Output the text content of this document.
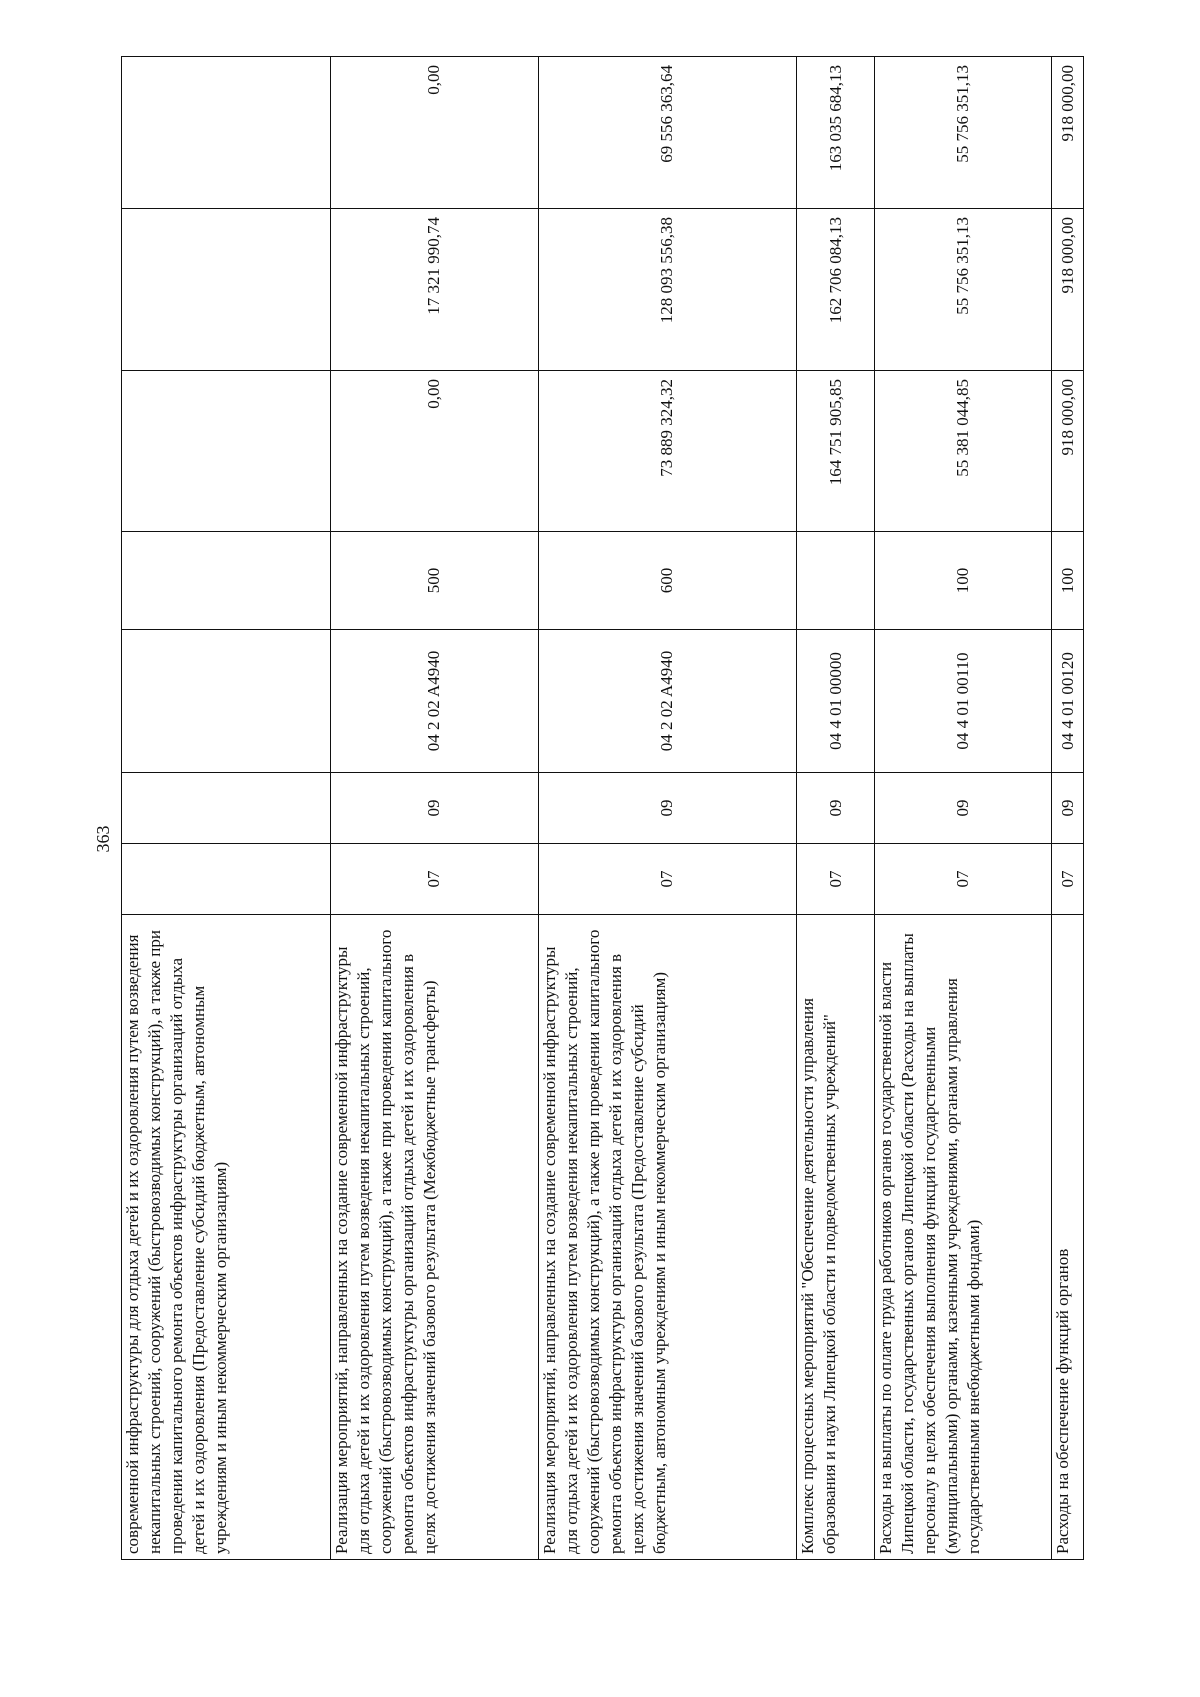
363
современной инфраструктуры для отдыха детей и их оздоровления путем возведения некапитальных строений, сооружений (быстровозводимых конструкций), а также при проведении капитального ремонта объектов инфраструктуры организаций отдыха детей и их оздоровления (Предоставление субсидий бюджетным, автономным учреждениям и иным некоммерческим организациям)							
Реализация мероприятий, направленных на создание современной инфраструктуры для отдыха детей и их оздоровления путем возведения некапитальных строений, сооружений (быстровозводимых конструкций), а также при проведении капитального ремонта объектов инфраструктуры организаций отдыха детей и их оздоровления в целях достижения значений базового результата (Межбюджетные трансферты)	07	09	04 2 02 A4940	500	0,00	17 321 990,74	0,00
Реализация мероприятий, направленных на создание современной инфраструктуры для отдыха детей и их оздоровления путем возведения некапитальных строений, сооружений (быстровозводимых конструкций), а также при проведении капитального ремонта объектов инфраструктуры организаций отдыха детей и их оздоровления в целях достижения значений базового результата (Предоставление субсидий бюджетным, автономным учреждениям и иным некоммерческим организациям)	07	09	04 2 02 A4940	600	73 889 324,32	128 093 556,38	69 556 363,64
Комплекс процессных мероприятий "Обеспечение деятельности управления образования и науки Липецкой области и подведомственных учреждений"	07	09	04 4 01 00000		164 751 905,85	162 706 084,13	163 035 684,13
Расходы на выплаты по оплате труда работников органов государственной власти Липецкой области, государственных органов Липецкой области (Расходы на выплаты персоналу в целях обеспечения выполнения функций государственными (муниципальными) органами, казенными учреждениями, органами управления государственными внебюджетными фондами)	07	09	04 4 01 00110	100	55 381 044,85	55 756 351,13	55 756 351,13
Расходы на обеспечение функций органов	07	09	04 4 01 00120	100	918 000,00	918 000,00	918 000,00
